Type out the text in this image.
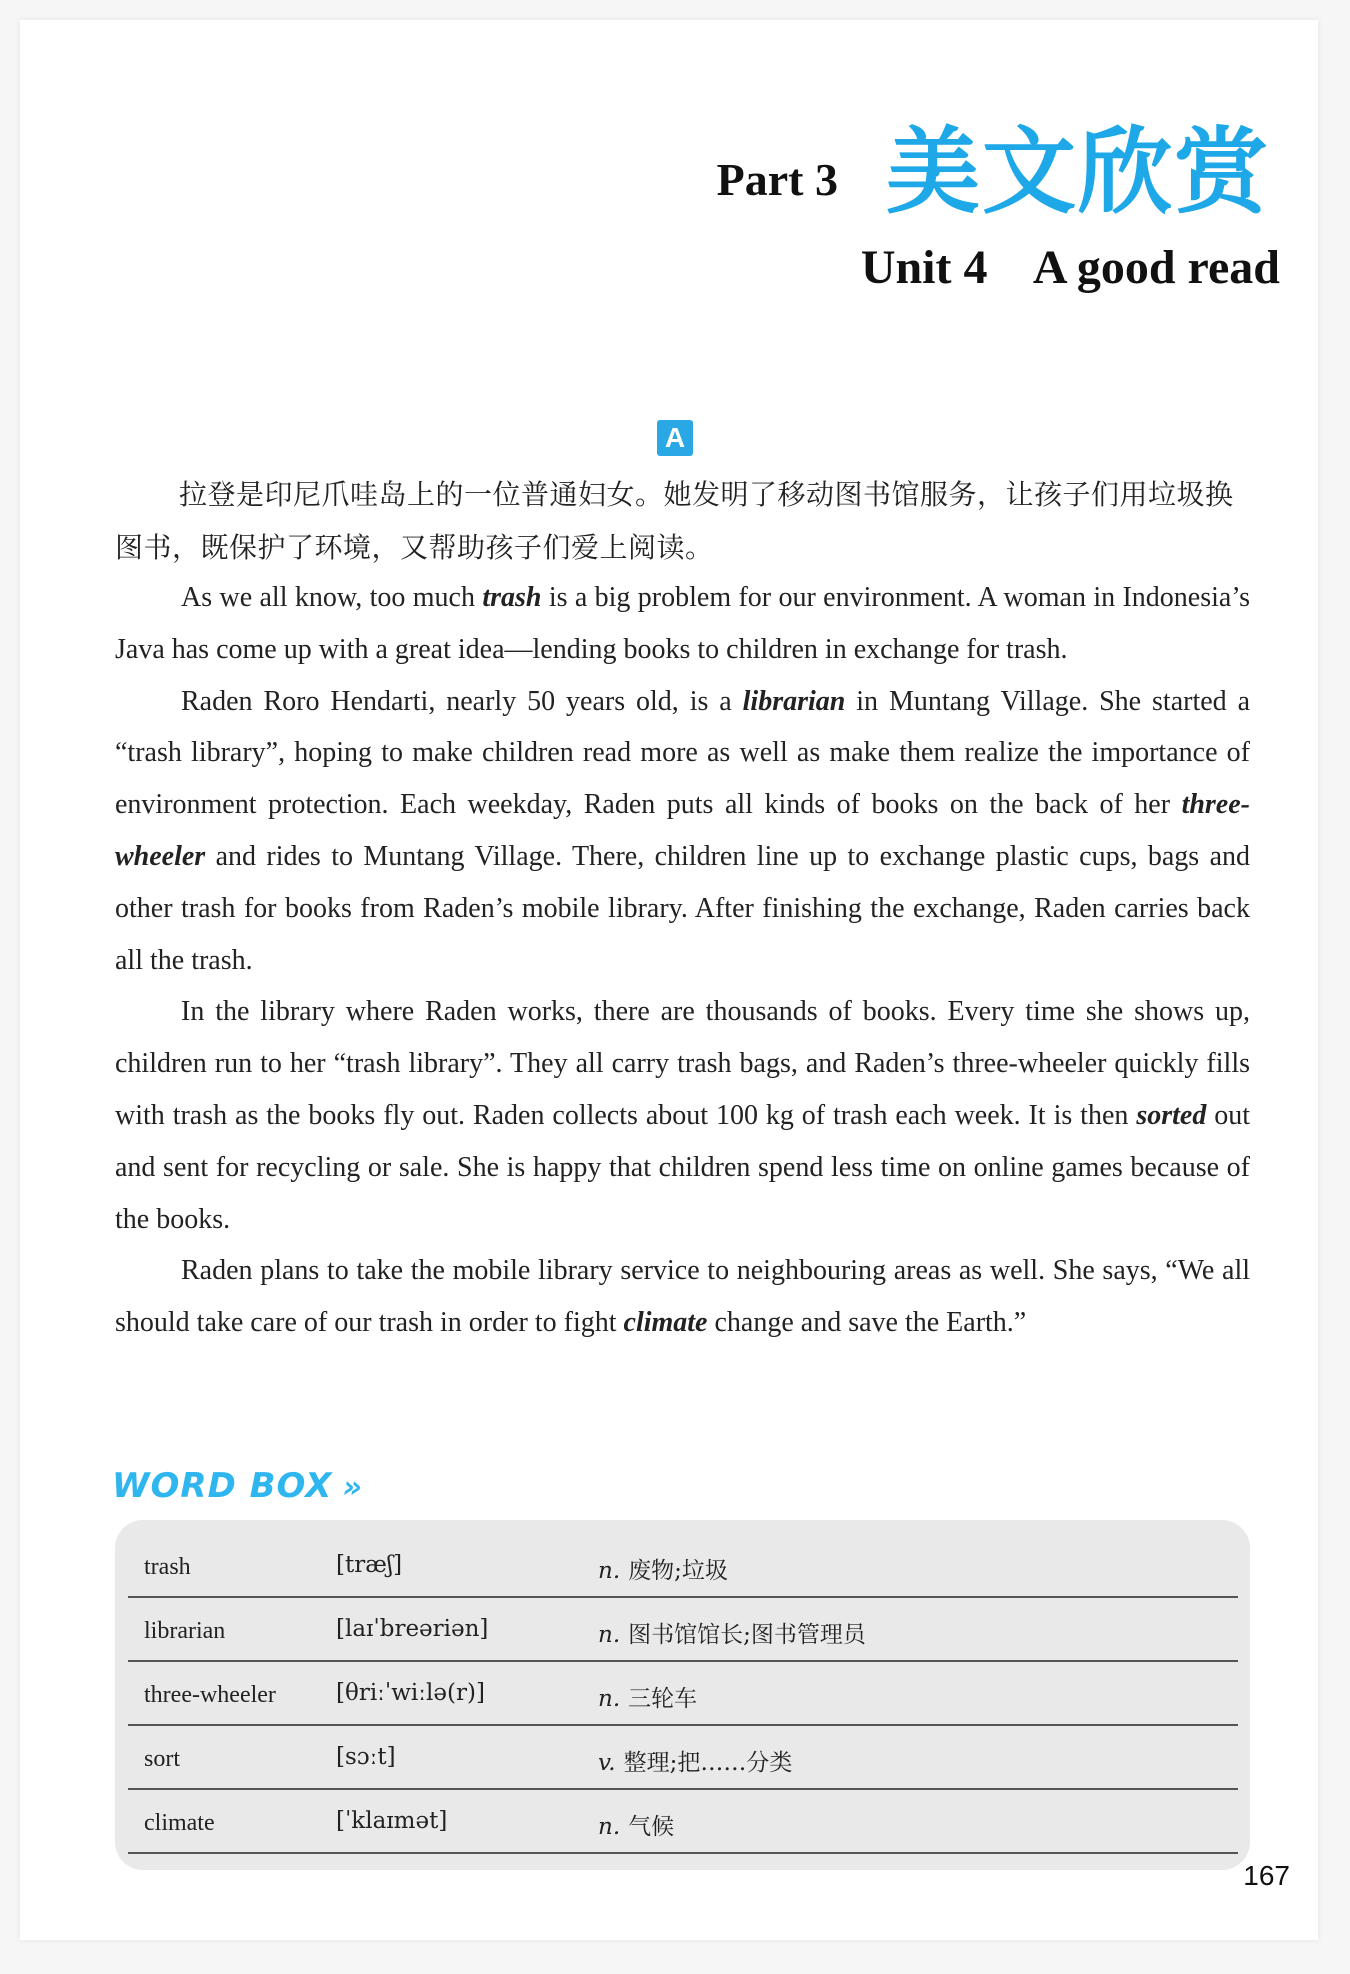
Part 3 美文欣赏
Unit 4    A good read
A
拉登是印尼爪哇岛上的一位普通妇女。她发明了移动图书馆服务，让孩子们用垃圾换图书，既保护了环境，又帮助孩子们爱上阅读。

As we all know, too much trash is a big problem for our environment. A woman in Indonesia’s Java has come up with a great idea—lending books to children in exchange for trash.

Raden Roro Hendarti, nearly 50 years old, is a librarian in Muntang Village. She started a “trash library”, hoping to make children read more as well as make them realize the importance of environment protection. Each weekday, Raden puts all kinds of books on the back of her three-wheeler and rides to Muntang Village. There, children line up to exchange plastic cups, bags and other trash for books from Raden’s mobile library. After finishing the exchange, Raden carries back all the trash.

In the library where Raden works, there are thousands of books. Every time she shows up, children run to her “trash library”. They all carry trash bags, and Raden’s three-wheeler quickly fills with trash as the books fly out. Raden collects about 100 kg of trash each week. It is then sorted out and sent for recycling or sale. She is happy that children spend less time on online games because of the books.

Raden plans to take the mobile library service to neighbouring areas as well. She says, “We all should take care of our trash in order to fight climate change and save the Earth.”

WORD BOX »
trash	[træʃ]	n. 废物;垃圾
librarian	[laɪˈbreəriən]	n. 图书馆馆长;图书管理员
three-wheeler	[θriːˈwiːlə(r)]	n. 三轮车
sort	[sɔːt]	v. 整理;把……分类
climate	[ˈklaɪmət]	n. 气候
167
